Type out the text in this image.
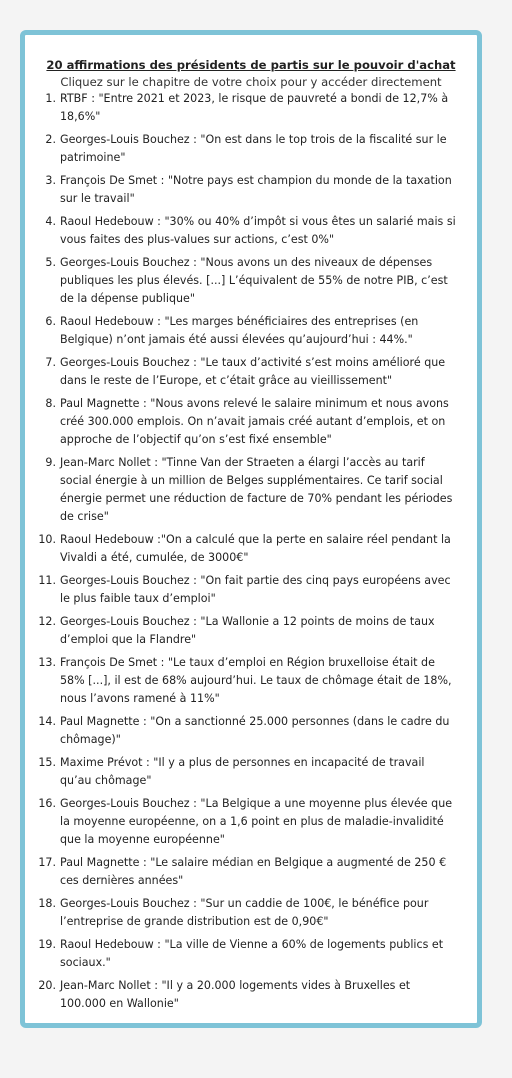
20 affirmations des présidents de partis sur le pouvoir d'achat

Cliquez sur le chapitre de votre choix pour y accéder directement

1. RTBF : "Entre 2021 et 2023, le risque de pauvreté a bondi de 12,7% à 18,6%"
2. Georges-Louis Bouchez : "On est dans le top trois de la fiscalité sur le patrimoine"
3. François De Smet : "Notre pays est champion du monde de la taxation sur le travail"
4. Raoul Hedebouw : "30% ou 40% d’impôt si vous êtes un salarié mais si vous faites des plus-values sur actions, c’est 0%"
5. Georges-Louis Bouchez : "Nous avons un des niveaux de dépenses publiques les plus élevés. [...] L’équivalent de 55% de notre PIB, c’est de la dépense publique"
6. Raoul Hedebouw : "Les marges bénéficiaires des entreprises (en Belgique) n’ont jamais été aussi élevées qu’aujourd’hui : 44%."
7. Georges-Louis Bouchez : "Le taux d’activité s’est moins amélioré que dans le reste de l’Europe, et c’était grâce au vieillissement"
8. Paul Magnette : "Nous avons relevé le salaire minimum et nous avons créé 300.000 emplois. On n’avait jamais créé autant d’emplois, et on approche de l’objectif qu’on s’est fixé ensemble"
9. Jean-Marc Nollet : "Tinne Van der Straeten a élargi l’accès au tarif social énergie à un million de Belges supplémentaires. Ce tarif social énergie permet une réduction de facture de 70% pendant les périodes de crise"
10. Raoul Hedebouw :"On a calculé que la perte en salaire réel pendant la Vivaldi a été, cumulée, de 3000€"
11. Georges-Louis Bouchez : "On fait partie des cinq pays européens avec le plus faible taux d’emploi"
12. Georges-Louis Bouchez : "La Wallonie a 12 points de moins de taux d’emploi que la Flandre"
13. François De Smet : "Le taux d’emploi en Région bruxelloise était de 58% [...], il est de 68% aujourd’hui. Le taux de chômage était de 18%, nous l’avons ramené à 11%"
14. Paul Magnette : "On a sanctionné 25.000 personnes (dans le cadre du chômage)"
15. Maxime Prévot : "Il y a plus de personnes en incapacité de travail qu’au chômage"
16. Georges-Louis Bouchez : "La Belgique a une moyenne plus élevée que la moyenne européenne, on a 1,6 point en plus de maladie-invalidité que la moyenne européenne"
17. Paul Magnette : "Le salaire médian en Belgique a augmenté de 250 € ces dernières années"
18. Georges-Louis Bouchez : "Sur un caddie de 100€, le bénéfice pour l’entreprise de grande distribution est de 0,90€"
19. Raoul Hedebouw : "La ville de Vienne a 60% de logements publics et sociaux."
20. Jean-Marc Nollet : "Il y a 20.000 logements vides à Bruxelles et 100.000 en Wallonie"
